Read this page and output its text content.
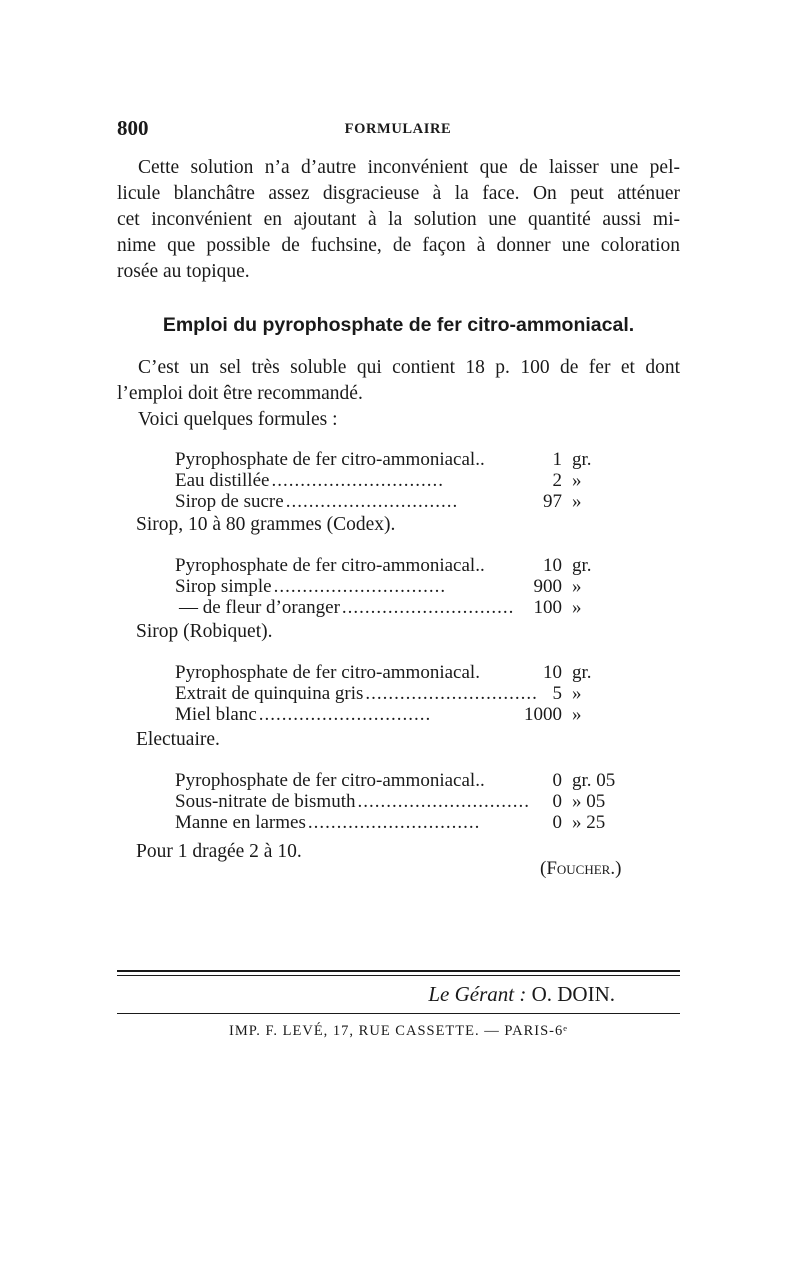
800	FORMULAIRE
Cette solution n’a d’autre inconvénient que de laisser une pel-
licule blanchâtre assez disgracieuse à la face. On peut atténuer
cet inconvénient en ajoutant à la solution une quantité aussi mi-
nime que possible de fuchsine, de façon à donner une coloration
rosée au topique.
Emploi du pyrophosphate de fer citro-ammoniacal.
C’est un sel très soluble qui contient 18 p. 100 de fer et dont
l’emploi doit être recommandé.
Voici quelques formules :
Pyrophosphate de fer citro-ammoniacal..	1 gr.
Eau distillée ..............................	2 »
Sirop de sucre ..............................	97 »
Sirop, 10 à 80 grammes (Codex).
Pyrophosphate de fer citro-ammoniacal..	10 gr.
Sirop simple ..............................	900 »
— de fleur d’oranger ..............................	100 »
Sirop (Robiquet).
Pyrophosphate de fer citro-ammoniacal.	10 gr.
Extrait de quinquina gris .............................. 5 »
Miel blanc ..............................	1000 »
Electuaire.
Pyrophosphate de fer citro-ammoniacal..	0 gr. 05
Sous-nitrate de bismuth ..............................	0 » 05
Manne en larmes ..............................	0 » 25
Pour 1 dragée 2 à 10.
(Foucher.)
Le Gérant : O. DOIN.
IMP. F. LEVÉ, 17, RUE CASSETTE. — PARIS-6ᵉ
